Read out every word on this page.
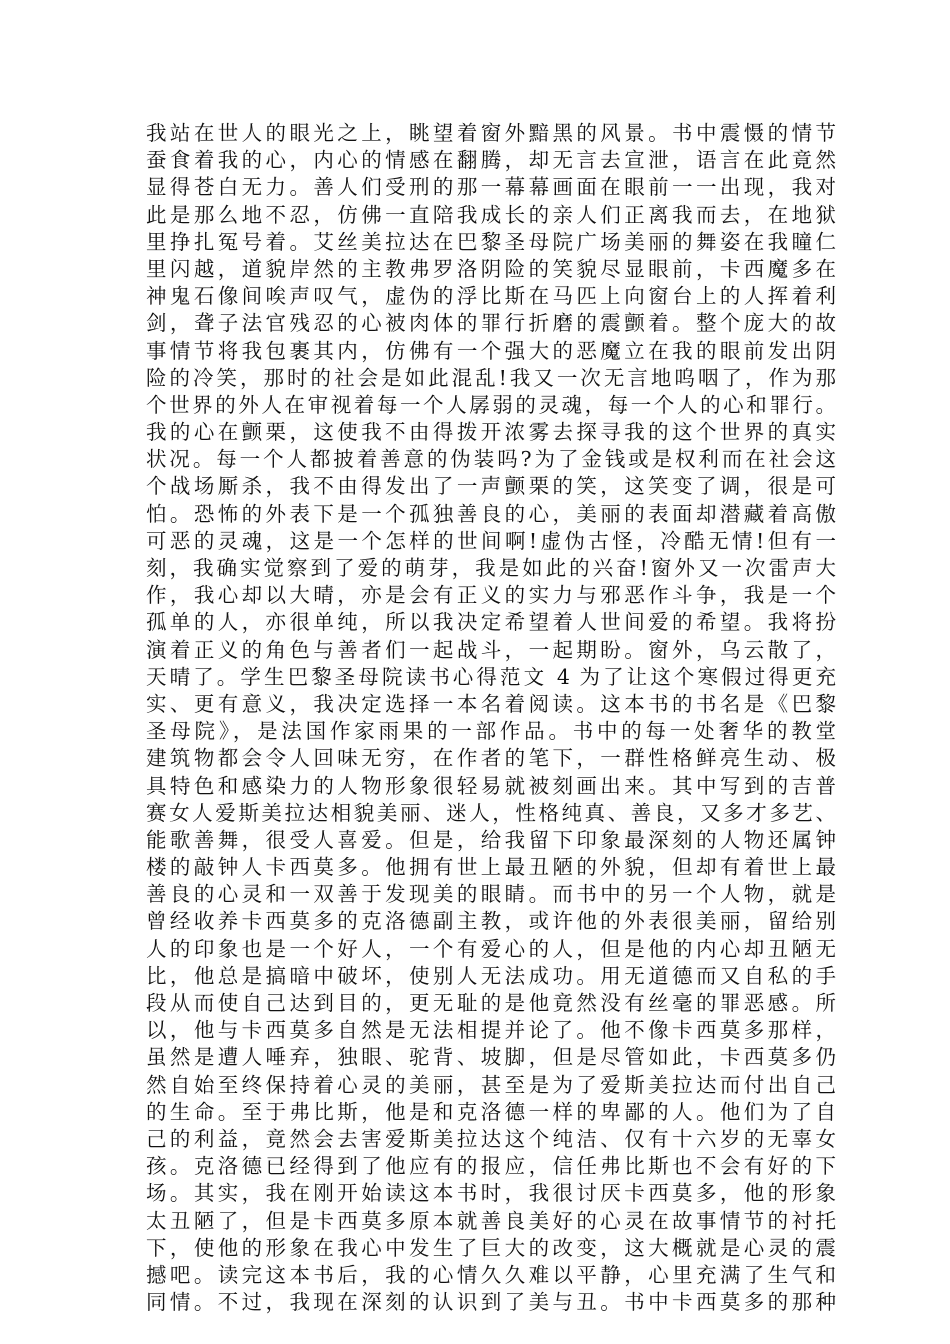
我站在世人的眼光之上，眺望着窗外黯黑的风景。书中震慑的情节
蚕食着我的心，内心的情感在翻腾，却无言去宣泄，语言在此竟然
显得苍白无力。善人们受刑的那一幕幕画面在眼前一一出现，我对
此是那么地不忍，仿佛一直陪我成长的亲人们正离我而去，在地狱
里挣扎冤号着。艾丝美拉达在巴黎圣母院广场美丽的舞姿在我瞳仁
里闪越，道貌岸然的主教弗罗洛阴险的笑貌尽显眼前，卡西魔多在
神鬼石像间唉声叹气，虚伪的浮比斯在马匹上向窗台上的人挥着利
剑，聋子法官残忍的心被肉体的罪行折磨的震颤着。整个庞大的故
事情节将我包裹其内，仿佛有一个强大的恶魔立在我的眼前发出阴
险的冷笑，那时的社会是如此混乱!我又一次无言地呜咽了，作为那
个世界的外人在审视着每一个人孱弱的灵魂，每一个人的心和罪行。
我的心在颤栗，这使我不由得拨开浓雾去探寻我的这个世界的真实
状况。每一个人都披着善意的伪装吗?为了金钱或是权利而在社会这
个战场厮杀，我不由得发出了一声颤栗的笑，这笑变了调，很是可
怕。恐怖的外表下是一个孤独善良的心，美丽的表面却潜藏着高傲
可恶的灵魂，这是一个怎样的世间啊!虚伪古怪，冷酷无情!但有一
刻，我确实觉察到了爱的萌芽，我是如此的兴奋!窗外又一次雷声大
作，我心却以大晴，亦是会有正义的实力与邪恶作斗争，我是一个
孤单的人，亦很单纯，所以我决定希望着人世间爱的希望。我将扮
演着正义的角色与善者们一起战斗，一起期盼。窗外，乌云散了，
天晴了。学生巴黎圣母院读书心得范文 4 为了让这个寒假过得更充
实、更有意义，我决定选择一本名着阅读。这本书的书名是《巴黎
圣母院》，是法国作家雨果的一部作品。书中的每一处奢华的教堂
建筑物都会令人回味无穷，在作者的笔下，一群性格鲜亮生动、极
具特色和感染力的人物形象很轻易就被刻画出来。其中写到的吉普
赛女人爱斯美拉达相貌美丽、迷人，性格纯真、善良，又多才多艺、
能歌善舞，很受人喜爱。但是，给我留下印象最深刻的人物还属钟
楼的敲钟人卡西莫多。他拥有世上最丑陋的外貌，但却有着世上最
善良的心灵和一双善于发现美的眼睛。而书中的另一个人物，就是
曾经收养卡西莫多的克洛德副主教，或许他的外表很美丽，留给别
人的印象也是一个好人，一个有爱心的人，但是他的内心却丑陋无
比，他总是搞暗中破坏，使别人无法成功。用无道德而又自私的手
段从而使自己达到目的，更无耻的是他竟然没有丝毫的罪恶感。所
以，他与卡西莫多自然是无法相提并论了。他不像卡西莫多那样，
虽然是遭人唾弃，独眼、驼背、坡脚，但是尽管如此，卡西莫多仍
然自始至终保持着心灵的美丽，甚至是为了爱斯美拉达而付出自己
的生命。至于弗比斯，他是和克洛德一样的卑鄙的人。他们为了自
己的利益，竟然会去害爱斯美拉达这个纯洁、仅有十六岁的无辜女
孩。克洛德已经得到了他应有的报应，信任弗比斯也不会有好的下
场。其实，我在刚开始读这本书时，我很讨厌卡西莫多，他的形象
太丑陋了，但是卡西莫多原本就善良美好的心灵在故事情节的衬托
下，使他的形象在我心中发生了巨大的改变，这大概就是心灵的震
撼吧。读完这本书后，我的心情久久难以平静，心里充满了生气和
同情。不过，我现在深刻的认识到了美与丑。书中卡西莫多的那种
